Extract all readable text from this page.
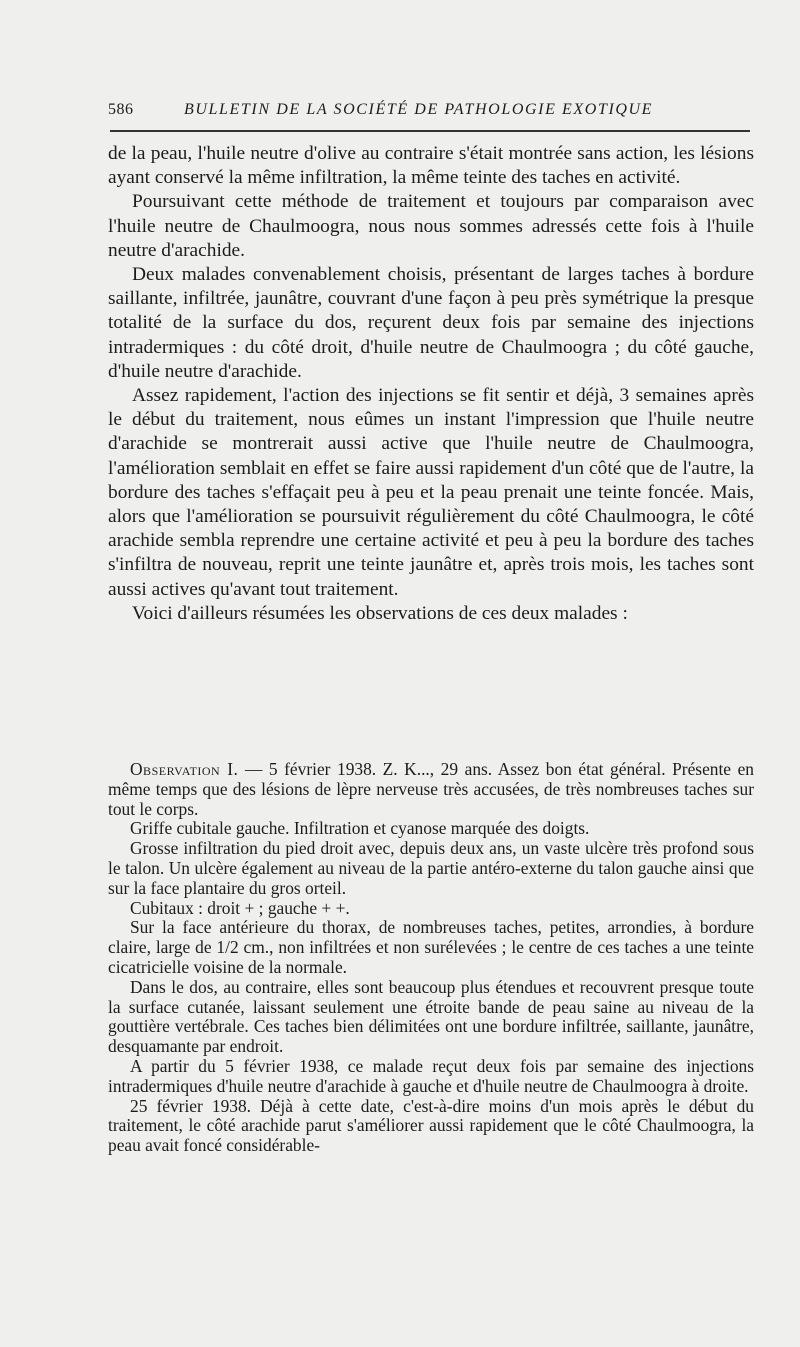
586	BULLETIN DE LA SOCIÉTÉ DE PATHOLOGIE EXOTIQUE

de la peau, l'huile neutre d'olive au contraire s'était montrée sans action, les lésions ayant conservé la même infiltration, la même teinte des taches en activité.

Poursuivant cette méthode de traitement et toujours par comparaison avec l'huile neutre de Chaulmoogra, nous nous sommes adressés cette fois à l'huile neutre d'arachide.

Deux malades convenablement choisis, présentant de larges taches à bordure saillante, infiltrée, jaunâtre, couvrant d'une façon à peu près symétrique la presque totalité de la surface du dos, reçurent deux fois par semaine des injections intradermiques : du côté droit, d'huile neutre de Chaulmoogra ; du côté gauche, d'huile neutre d'arachide.

Assez rapidement, l'action des injections se fit sentir et déjà, 3 semaines après le début du traitement, nous eûmes un instant l'impression que l'huile neutre d'arachide se montrerait aussi active que l'huile neutre de Chaulmoogra, l'amélioration semblait en effet se faire aussi rapidement d'un côté que de l'autre, la bordure des taches s'effaçait peu à peu et la peau prenait une teinte foncée. Mais, alors que l'amélioration se poursuivit régulièrement du côté Chaulmoogra, le côté arachide sembla reprendre une certaine activité et peu à peu la bordure des taches s'infiltra de nouveau, reprit une teinte jaunâtre et, après trois mois, les taches sont aussi actives qu'avant tout traitement.

Voici d'ailleurs résumées les observations de ces deux malades :

Observation I. — 5 février 1938. Z. K..., 29 ans. Assez bon état général. Présente en même temps que des lésions de lèpre nerveuse très accusées, de très nombreuses taches sur tout le corps.

Griffe cubitale gauche. Infiltration et cyanose marquée des doigts.

Grosse infiltration du pied droit avec, depuis deux ans, un vaste ulcère très profond sous le talon. Un ulcère également au niveau de la partie antéro-externe du talon gauche ainsi que sur la face plantaire du gros orteil.

Cubitaux : droit + ; gauche + +.

Sur la face antérieure du thorax, de nombreuses taches, petites, arrondies, à bordure claire, large de 1/2 cm., non infiltrées et non surélevées ; le centre de ces taches a une teinte cicatricielle voisine de la normale.

Dans le dos, au contraire, elles sont beaucoup plus étendues et recouvrent presque toute la surface cutanée, laissant seulement une étroite bande de peau saine au niveau de la gouttière vertébrale. Ces taches bien délimitées ont une bordure infiltrée, saillante, jaunâtre, desquamante par endroit.

A partir du 5 février 1938, ce malade reçut deux fois par semaine des injections intradermiques d'huile neutre d'arachide à gauche et d'huile neutre de Chaulmoogra à droite.

25 février 1938. Déjà à cette date, c'est-à-dire moins d'un mois après le début du traitement, le côté arachide parut s'améliorer aussi rapidement que le côté Chaulmoogra, la peau avait foncé considérable-
